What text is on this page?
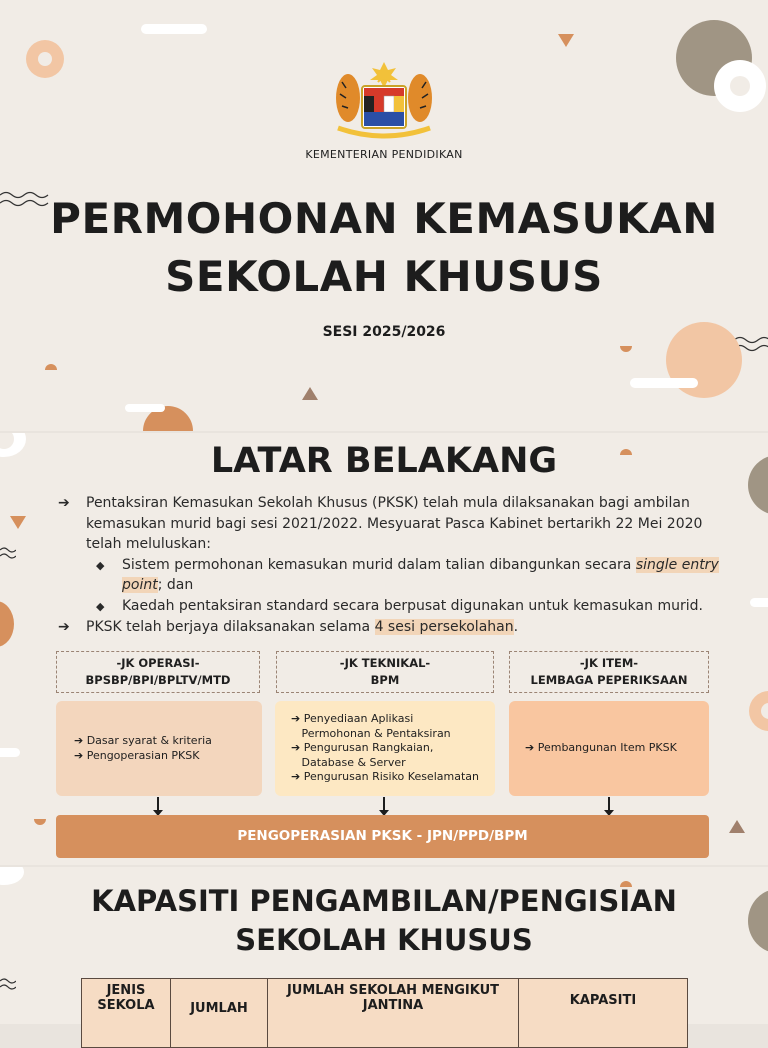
KEMENTERIAN PENDIDIKAN
PERMOHONAN KEMASUKAN
SEKOLAH KHUSUS
SESI 2025/2026
LATAR BELAKANG
➔	Pentaksiran Kemasukan Sekolah Khusus (PKSK) telah mula dilaksanakan bagi ambilan kemasukan murid bagi sesi 2021/2022. Mesyuarat Pasca Kabinet bertarikh 22 Mei 2020 telah meluluskan:
◆	Sistem permohonan kemasukan murid dalam talian dibangunkan secara single entry point; dan
◆	Kaedah pentaksiran standard secara berpusat digunakan untuk kemasukan murid.
➔	PKSK telah berjaya dilaksanakan selama 4 sesi persekolahan.
-JK OPERASI-
BPSBP/BPI/BPLTV/MTD
-JK TEKNIKAL-
BPM
-JK ITEM-
LEMBAGA PEPERIKSAAN
➔ Dasar syarat & kriteria
➔ Pengoperasian PKSK
➔ Penyediaan Aplikasi
Permohonan & Pentaksiran
➔ Pengurusan Rangkaian,
Database & Server
➔ Pengurusan Risiko Keselamatan
➔ Pembangunan Item PKSK
PENGOPERASIAN PKSK - JPN/PPD/BPM
KAPASITI PENGAMBILAN/PENGISIAN
SEKOLAH KHUSUS
JENIS SEKOLA	JUMLAH	JUMLAH SEKOLAH MENGIKUT JANTINA	KAPASITI
